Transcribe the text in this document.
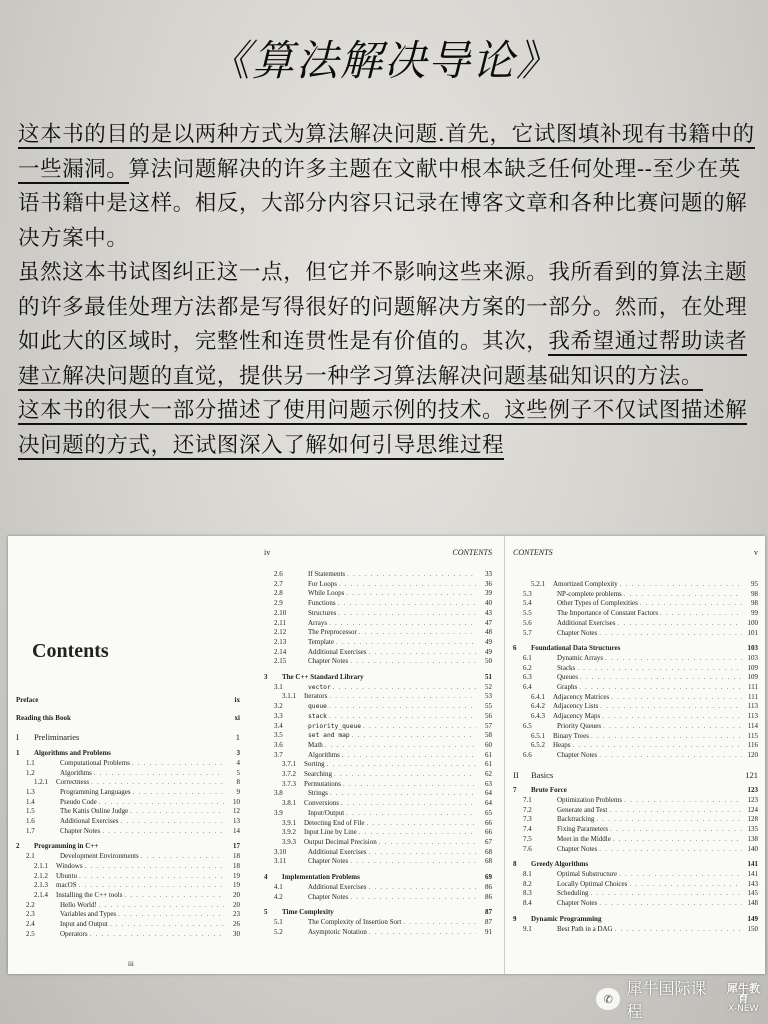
《算法解决导论》

这本书的目的是以两种方式为算法解决问题.首先，它试图填补现有书籍中的一些漏洞。算法问题解决的许多主题在文献中根本缺乏任何处理--至少在英语书籍中是这样。相反，大部分内容只记录在博客文章和各种比赛问题的解决方案中。

虽然这本书试图纠正这一点，但它并不影响这些来源。我所看到的算法主题的许多最佳处理方法都是写得很好的问题解决方案的一部分。然而，在处理如此大的区域时，完整性和连贯性是有价值的。其次，我希望通过帮助读者建立解决问题的直觉，提供另一种学习算法解决问题基础知识的方法。

这本书的很大一部分描述了使用问题示例的技术。这些例子不仅试图描述解决问题的方式，还试图深入了解如何引导思维过程

Contents
Preface	ix
Reading this Book	xi
I	Preliminaries	1
1	Algorithms and Problems	3
1.1	Computational Problems . . .	4
1.2	Algorithms . . .	5
1.2.1	Correctness . . .	8
1.3	Programming Languages . . .	9
1.4	Pseudo Code . . .	10
1.5	The Kattis Online Judge . . .	12
1.6	Additional Exercises . . .	13
1.7	Chapter Notes . . .	14
2	Programming in C++	17
2.1	Development Environments . . .	18
2.1.1	Windows . . .	18
2.1.2	Ubuntu . . .	19
2.1.3	macOS . . .	19
2.1.4	Installing the C++ tools . . .	20
2.2	Hello World! . . .	20
2.3	Variables and Types . . .	23
2.4	Input and Output . . .	26
2.5	Operators . . .	30
iii
iv	CONTENTS
2.6	If Statements . . .	33
2.7	For Loops . . .	36
2.8	While Loops . . .	39
2.9	Functions . . .	40
2.10	Structures . . .	43
2.11	Arrays . . .	47
2.12	The Preprocessor . . .	48
2.13	Template . . .	49
2.14	Additional Exercises . . .	49
2.15	Chapter Notes . . .	50
3	The C++ Standard Library	51
3.1	vector . . .	52
3.1.1	Iterators . . .	53
3.2	queue . . .	55
3.3	stack . . .	56
3.4	priority_queue . . .	57
3.5	set and map . . .	58
3.6	Math . . .	60
3.7	Algorithms . . .	61
3.7.1	Sorting . . .	61
3.7.2	Searching . . .	62
3.7.3	Permutations . . .	63
3.8	Strings . . .	64
3.8.1	Conversions . . .	64
3.9	Input/Output . . .	65
3.9.1	Detecting End of File . . .	66
3.9.2	Input Line by Line . . .	66
3.9.3	Output Decimal Precision . . .	67
3.10	Additional Exercises . . .	68
3.11	Chapter Notes . . .	68
4	Implementation Problems	69
4.1	Additional Exercises . . .	86
4.2	Chapter Notes . . .	86
5	Time Complexity	87
5.1	The Complexity of Insertion Sort . . .	87
5.2	Asymptotic Notation . . .	91
CONTENTS	v
5.2.1	Amortized Complexity . . .	95
5.3	NP-complete problems . . .	98
5.4	Other Types of Complexities . . .	98
5.5	The Importance of Constant Factors . . .	99
5.6	Additional Exercises . . .	100
5.7	Chapter Notes . . .	101
6	Foundational Data Structures	103
6.1	Dynamic Arrays . . .	103
6.2	Stacks . . .	109
6.3	Queues . . .	109
6.4	Graphs . . .	111
6.4.1	Adjacency Matrices . . .	111
6.4.2	Adjacency Lists . . .	113
6.4.3	Adjacency Maps . . .	113
6.5	Priority Queues . . .	114
6.5.1	Binary Trees . . .	115
6.5.2	Heaps . . .	116
6.6	Chapter Notes . . .	120
II	Basics	121
7	Brute Force	123
7.1	Optimization Problems . . .	123
7.2	Generate and Test . . .	124
7.3	Backtracking . . .	128
7.4	Fixing Parameters . . .	135
7.5	Meet in the Middle . . .	138
7.6	Chapter Notes . . .	140
8	Greedy Algorithms	141
8.1	Optimal Substructure . . .	141
8.2	Locally Optimal Choices . . .	143
8.3	Scheduling . . .	145
8.4	Chapter Notes . . .	148
9	Dynamic Programming	149
9.1	Best Path in a DAG . . .	150
✆
犀牛国际课程
犀牛教育
X-NEW
